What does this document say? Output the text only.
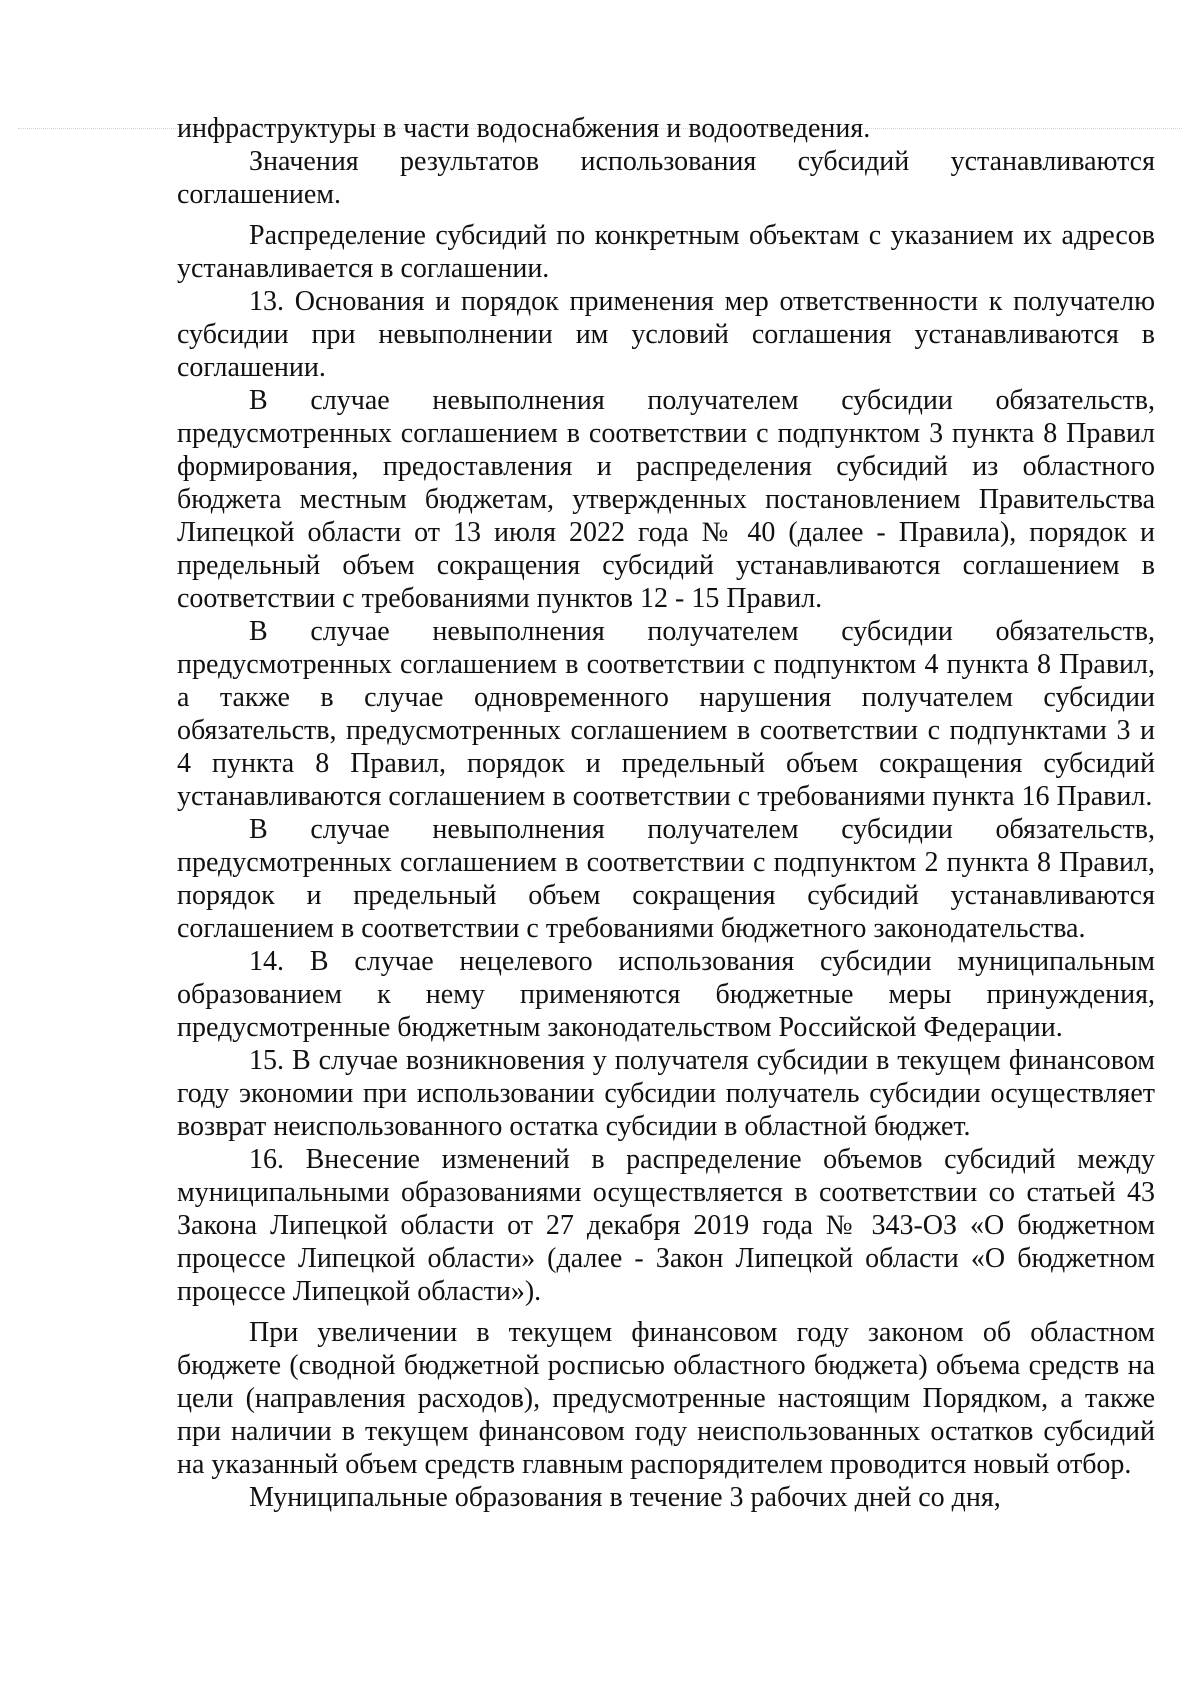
инфраструктуры в части водоснабжения и водоотведения.

Значения результатов использования субсидий устанавливаются соглашением.

Распределение субсидий по конкретным объектам с указанием их адресов устанавливается в соглашении.

13. Основания и порядок применения мер ответственности к получателю субсидии при невыполнении им условий соглашения устанавливаются в соглашении.

В случае невыполнения получателем субсидии обязательств, предусмотренных соглашением в соответствии с подпунктом 3 пункта 8 Правил формирования, предоставления и распределения субсидий из областного бюджета местным бюджетам, утвержденных постановлением Правительства Липецкой области от 13 июля 2022 года № 40 (далее - Правила), порядок и предельный объем сокращения субсидий устанавливаются соглашением в соответствии с требованиями пунктов 12 - 15 Правил.

В случае невыполнения получателем субсидии обязательств, предусмотренных соглашением в соответствии с подпунктом 4 пункта 8 Правил, а также в случае одновременного нарушения получателем субсидии обязательств, предусмотренных соглашением в соответствии с подпунктами 3 и 4 пункта 8 Правил, порядок и предельный объем сокращения субсидий устанавливаются соглашением в соответствии с требованиями пункта 16 Правил.

В случае невыполнения получателем субсидии обязательств, предусмотренных соглашением в соответствии с подпунктом 2 пункта 8 Правил, порядок и предельный объем сокращения субсидий устанавливаются соглашением в соответствии с требованиями бюджетного законодательства.

14. В случае нецелевого использования субсидии муниципальным образованием к нему применяются бюджетные меры принуждения, предусмотренные бюджетным законодательством Российской Федерации.

15. В случае возникновения у получателя субсидии в текущем финансовом году экономии при использовании субсидии получатель субсидии осуществляет возврат неиспользованного остатка субсидии в областной бюджет.

16. Внесение изменений в распределение объемов субсидий между муниципальными образованиями осуществляется в соответствии со статьей 43 Закона Липецкой области от 27 декабря 2019 года № 343-ОЗ «О бюджетном процессе Липецкой области» (далее - Закон Липецкой области «О бюджетном процессе Липецкой области»).

При увеличении в текущем финансовом году законом об областном бюджете (сводной бюджетной росписью областного бюджета) объема средств на цели (направления расходов), предусмотренные настоящим Порядком, а также при наличии в текущем финансовом году неиспользованных остатков субсидий на указанный объем средств главным распорядителем проводится новый отбор.

Муниципальные образования в течение 3 рабочих дней со дня,
